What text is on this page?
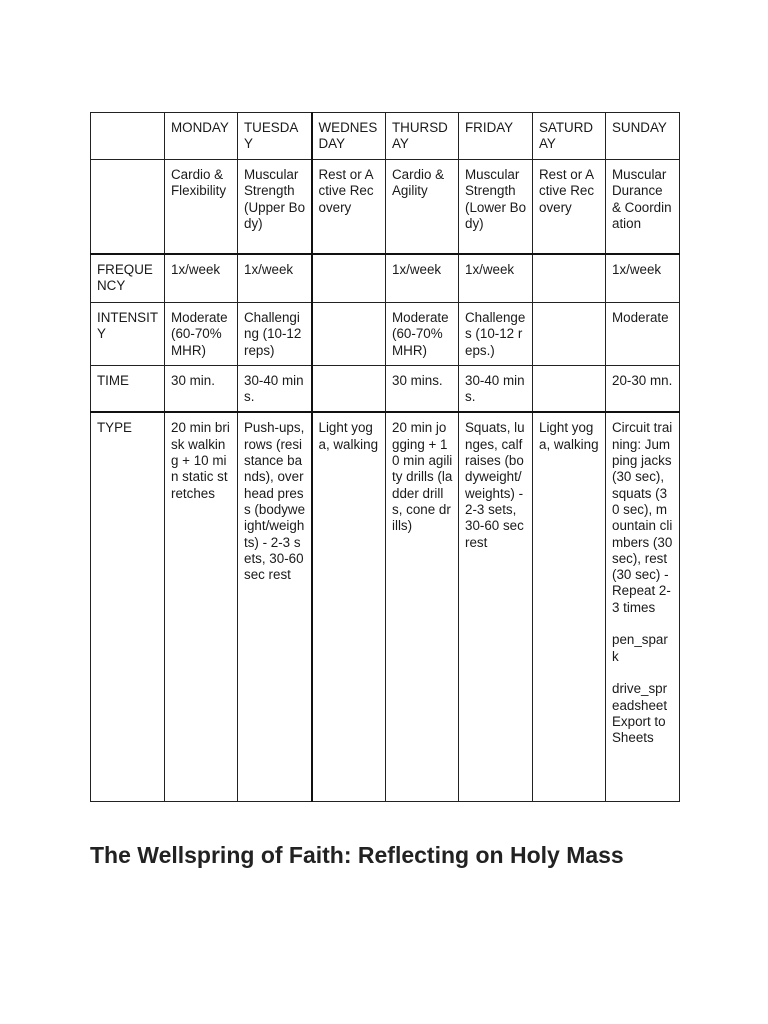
	MONDAY	TUESDAY	WEDNESDAY	THURSDAY	FRIDAY	SATURDAY	SUNDAY
	Cardio & Flexibility	Muscular Strength (Upper Body)	Rest or Active Recovery	Cardio & Agility	Muscular Strength (Lower Body)	Rest or Active Recovery	Muscular Durance & Coordination
FREQUENCY	1x/week	1x/week		1x/week	1x/week		1x/week
INTENSITY	Moderate (60-70% MHR)	Challenging (10-12 reps)		Moderate (60-70% MHR)	Challenges (10-12 reps.)		Moderate
TIME	30 min.	30-40 mins.		30 mins.	30-40 mins.		20-30 mn.
TYPE	20 min brisk walking + 10 min static stretches	Push-ups, rows (resistance bands), overhead press (bodyweight/weights) - 2-3 sets, 30-60 sec rest	Light yoga, walking	20 min jogging + 10 min agility drills (ladder drills, cone drills)	Squats, lunges, calf raises (bodyweight/weights) - 2-3 sets, 30-60 sec rest	Light yoga, walking	Circuit training: Jumping jacks (30 sec), squats (30 sec), mountain climbers (30 sec), rest (30 sec) - Repeat 2-3 times

pen_spark

drive_spreadsheet Export to Sheets
The Wellspring of Faith: Reflecting on Holy Mass
